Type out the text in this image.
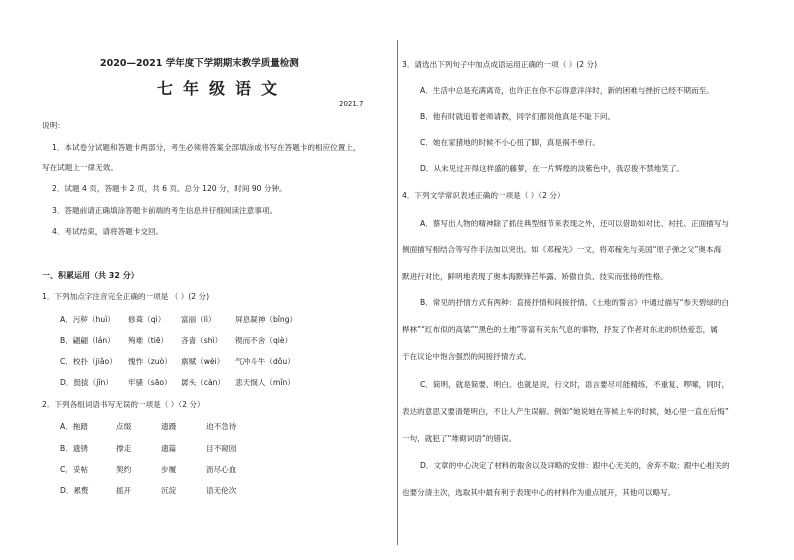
2020—2021 学年度下学期期末教学质量检测
七年级语文
2021.7
说明：
1．本试卷分试题和答题卡两部分，考生必须将答案全部填涂或书写在答题卡的相应位置上，
写在试题上一律无效。
2．试题 4 页，答题卡 2 页，共 6 页。总分 120 分，时间 90 分钟。
3．答题前请正确填涂答题卡前端的考生信息并仔细阅读注意事项。
4．考试结束，请将答题卡交回。
一、积累运用（共 32 分）
1．下列加点字注音完全正确的一项是 （ ）(2 分)
A．污秽（huì） 修葺（qì） 富丽（lì）	屏息凝神（bǐng）
B．翩翩（lán） 殉难（tiē） 吝啬（shì） 锲而不舍（qiè）
C．校扑（jiǎo） 愧怍（zuò） 禀赋（wèi） 气冲斗牛（dǒu）
D．挺拔（jǐn） 牢骚（sāo） 孱头（càn） 悲天悯人（mǐn）
2．下列各组词语书写无误的一项是（ ）（2 分）
A．拖踏	点缀	遗蹑	迫不急待
B．遗锈	撑走	遗篇	目不窥园
C．妥帖	契约	步履	沥尽心血
D．累赘	摇开	沉淀	语无伦次
3．请选出下列句子中加点成语运用正确的一项（ ）(2 分)
A．生活中总是充满离奇，也许正在你不忘得意洋洋时，新的困难与挫折已经不期而至。
B．他有时就追着老师请教，同学们都说他真是不耻下问。
C．她在家猪地的时候不小心扭了脚，真是祸不单行。
D．从未见过开得这样盛的藤萝，在一片辉煌的淡紫色中，我忍俊不禁地笑了。
4．下列文学常识表述正确的一项是（ ）（2 分）
A．蔡写出人物的精神除了抓住典型细节来表现之外，还可以借助如对比、衬托、正面描写与
侧面描写相结合等写作手法加以突出。如《邓稼先》一文，将邓稼先与美国“原子弹之父”奥本海
默进行对比，鲜明地表现了奥本海默锋芒毕露、矫傲自负、技实而张扬的性格。
B．常见的抒情方式有两种：直接抒情和间接抒情。《土地的誓言》中通过描写“参天碧绿的白
桦林”“红布似的高粱”“黑色的土地”等富有关东气息的事物，抒发了作者对东北的炽热爱恋，属
于在议论中饱含强烈的间接抒情方式。
C．简明，就是简要、明白。也就是说，行文时，语言要尽可能精练，不重复、啰嗦，同时，
表达的意思又要清楚明白，不让人产生误解。例如“她说她在等候上车的时候，她心里一直在后悔”
一句，就犯了“堆砌词语”的错误。
D．文章的中心决定了材料的取舍以及详略的安排：跟中心无关的，舍弃不取；跟中心相关的
也要分清主次，选取其中最有利于表现中心的材料作为重点展开，其他可以略写。
